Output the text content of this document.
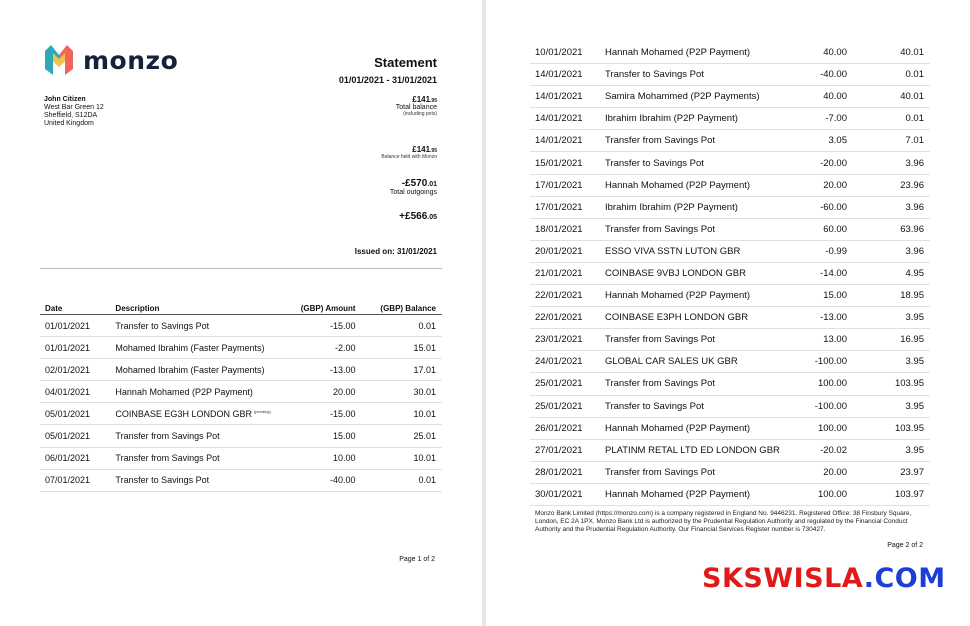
monzo	Statement
01/01/2021 - 31/01/2021
John Citizen
West Bar Green 12
Sheffield, S12DA
United Kingdom
£141.95
Total balance
(including pots)
£141.95
Balance held with Monzo
-£570.01
Total outgoings
+£566.05
Issued on: 31/01/2021
Date	Description	(GBP) Amount	(GBP) Balance
01/01/2021	Transfer to Savings Pot	-15.00	0.01
01/01/2021	Mohamed Ibrahim (Faster Payments)	-2.00	15.01
02/01/2021	Mohamed Ibrahim (Faster Payments)	-13.00	17.01
04/01/2021	Hannah Mohamed (P2P Payment)	20.00	30.01
05/01/2021	COINBASE EG3H LONDON GBR $^{(pending)}$	-15.00	10.01
05/01/2021	Transfer from Savings Pot	15.00	25.01
06/01/2021	Transfer from Savings Pot	10.00	10.01
07/01/2021	Transfer to Savings Pot	-40.00	0.01
Page 1 of 2
10/01/2021	Hannah Mohamed (P2P Payment)	40.00	40.01
14/01/2021	Transfer to Savings Pot	-40.00	0.01
14/01/2021	Samira Mohammed (P2P Payments)	40.00	40.01
14/01/2021	Ibrahim Ibrahim (P2P Payment)	-7.00	0.01
14/01/2021	Transfer from Savings Pot	3.05	7.01
15/01/2021	Transfer to Savings Pot	-20.00	3.96
17/01/2021	Hannah Mohamed (P2P Payment)	20.00	23.96
17/01/2021	Ibrahim Ibrahim (P2P Payment)	-60.00	3.96
18/01/2021	Transfer from Savings Pot	60.00	63.96
20/01/2021	ESSO VIVA SSTN LUTON GBR	-0.99	3.96
21/01/2021	COINBASE 9VBJ LONDON GBR	-14.00	4.95
22/01/2021	Hannah Mohamed (P2P Payment)	15.00	18.95
22/01/2021	COINBASE E3PH LONDON GBR	-13.00	3.95
23/01/2021	Transfer from Savings Pot	13.00	16.95
24/01/2021	GLOBAL CAR SALES UK GBR	-100.00	3.95
25/01/2021	Transfer from Savings Pot	100.00	103.95
25/01/2021	Transfer to Savings Pot	-100.00	3.95
26/01/2021	Hannah Mohamed (P2P Payment)	100.00	103.95
27/01/2021	PLATINM RETAL LTD ED LONDON GBR	-20.02	3.95
28/01/2021	Transfer from Savings Pot	20.00	23.97
30/01/2021	Hannah Mohamed (P2P Payment)	100.00	103.97
Monzo Bank Limited (https://monzo.com) is a company registered in England No. 9446231. Registered Office: 38 Finsbury Square, London, EC 2A 1PX. Monzo Bank Ltd is authorized by the Prudential Regulation Authority and regulated by the Financial Conduct Authority and the Prudential Regulation Authority. Our Financial Services Register number is 730427.
Page 2 of 2
SKSWISLA.COM
